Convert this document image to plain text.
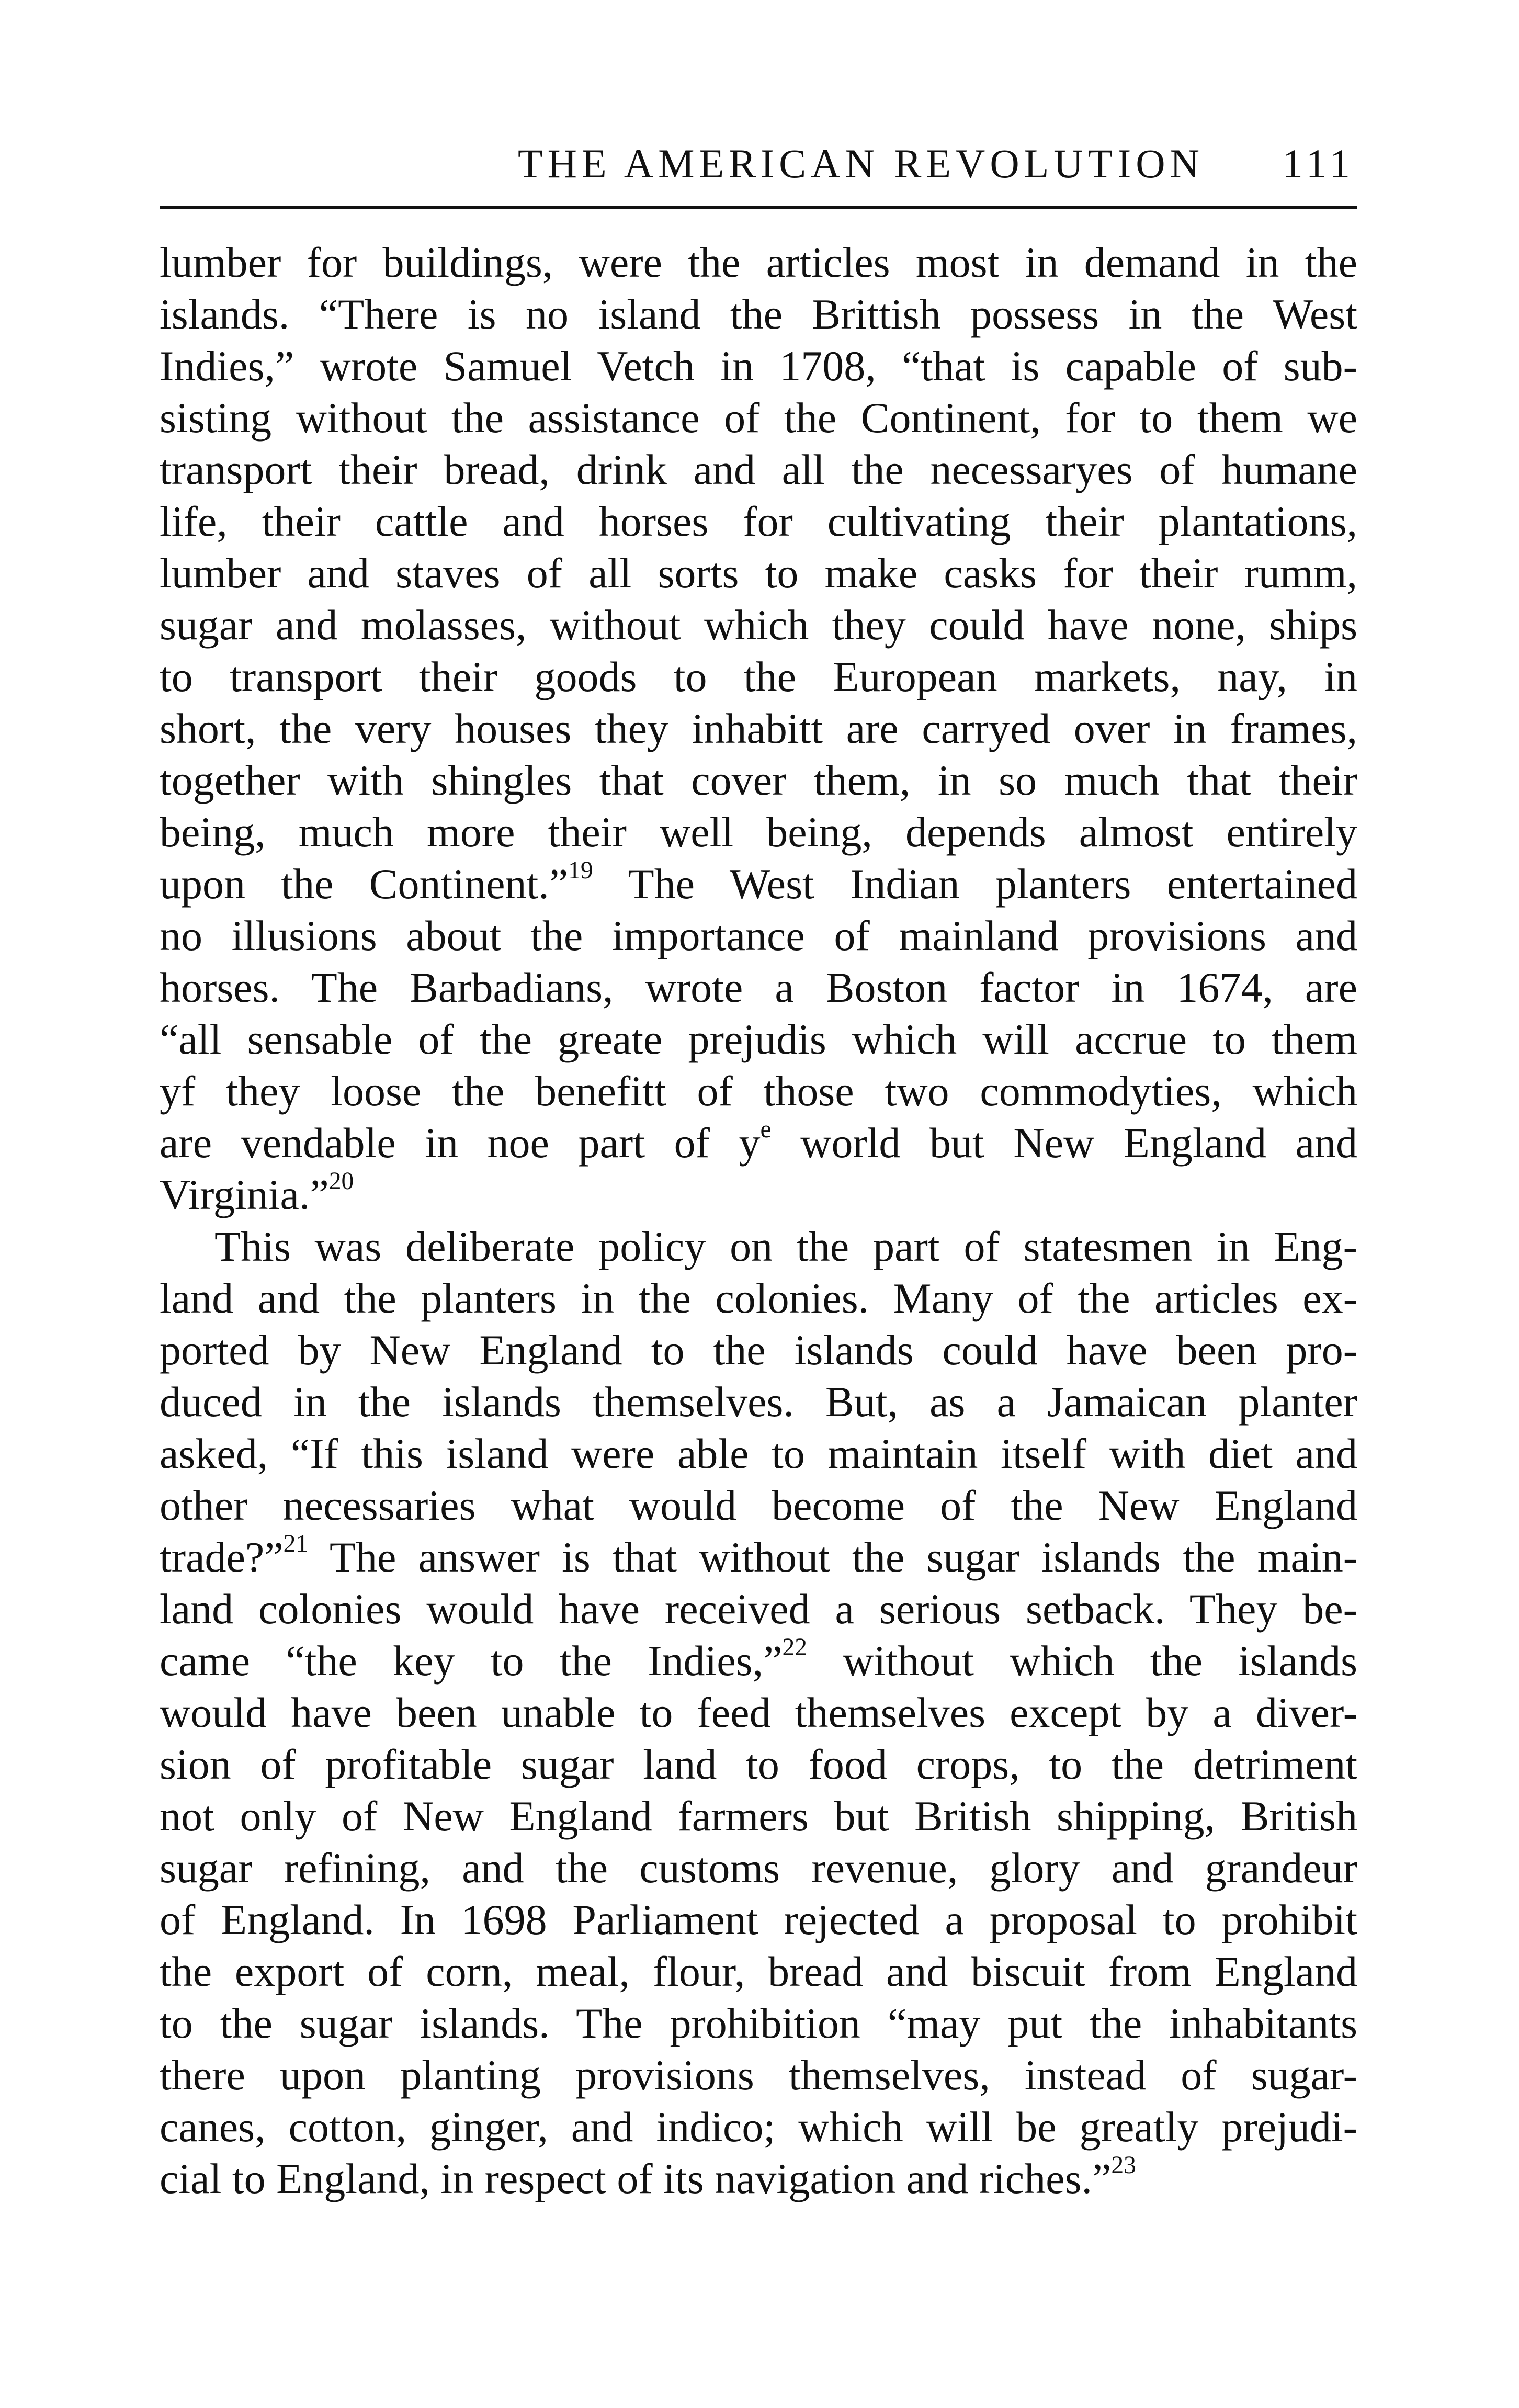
THE AMERICAN REVOLUTION 111
lumber for buildings, were the articles most in demand in the
islands. “There is no island the Brittish possess in the West
Indies,” wrote Samuel Vetch in 1708, “that is capable of sub-
sisting without the assistance of the Continent, for to them we
transport their bread, drink and all the necessaryes of humane
life, their cattle and horses for cultivating their plantations,
lumber and staves of all sorts to make casks for their rumm,
sugar and molasses, without which they could have none, ships
to transport their goods to the European markets, nay, in
short, the very houses they inhabitt are carryed over in frames,
together with shingles that cover them, in so much that their
being, much more their well being, depends almost entirely
upon the Continent.”$^{19}$ The West Indian planters entertained
no illusions about the importance of mainland provisions and
horses. The Barbadians, wrote a Boston factor in 1674, are
“all sensable of the greate prejudis which will accrue to them
yf they loose the benefitt of those two commodyties, which
are vendable in noe part of $y^e$ world but New England and
Virginia.”$^{20}$
This was deliberate policy on the part of statesmen in Eng-
land and the planters in the colonies. Many of the articles ex-
ported by New England to the islands could have been pro-
duced in the islands themselves. But, as a Jamaican planter
asked, “If this island were able to maintain itself with diet and
other necessaries what would become of the New England
trade?”$^{21}$ The answer is that without the sugar islands the main-
land colonies would have received a serious setback. They be-
came “the key to the Indies,”$^{22}$ without which the islands
would have been unable to feed themselves except by a diver-
sion of profitable sugar land to food crops, to the detriment
not only of New England farmers but British shipping, British
sugar refining, and the customs revenue, glory and grandeur
of England. In 1698 Parliament rejected a proposal to prohibit
the export of corn, meal, flour, bread and biscuit from England
to the sugar islands. The prohibition “may put the inhabitants
there upon planting provisions themselves, instead of sugar-
canes, cotton, ginger, and indico; which will be greatly prejudi-
cial to England, in respect of its navigation and riches.”$^{23}$
